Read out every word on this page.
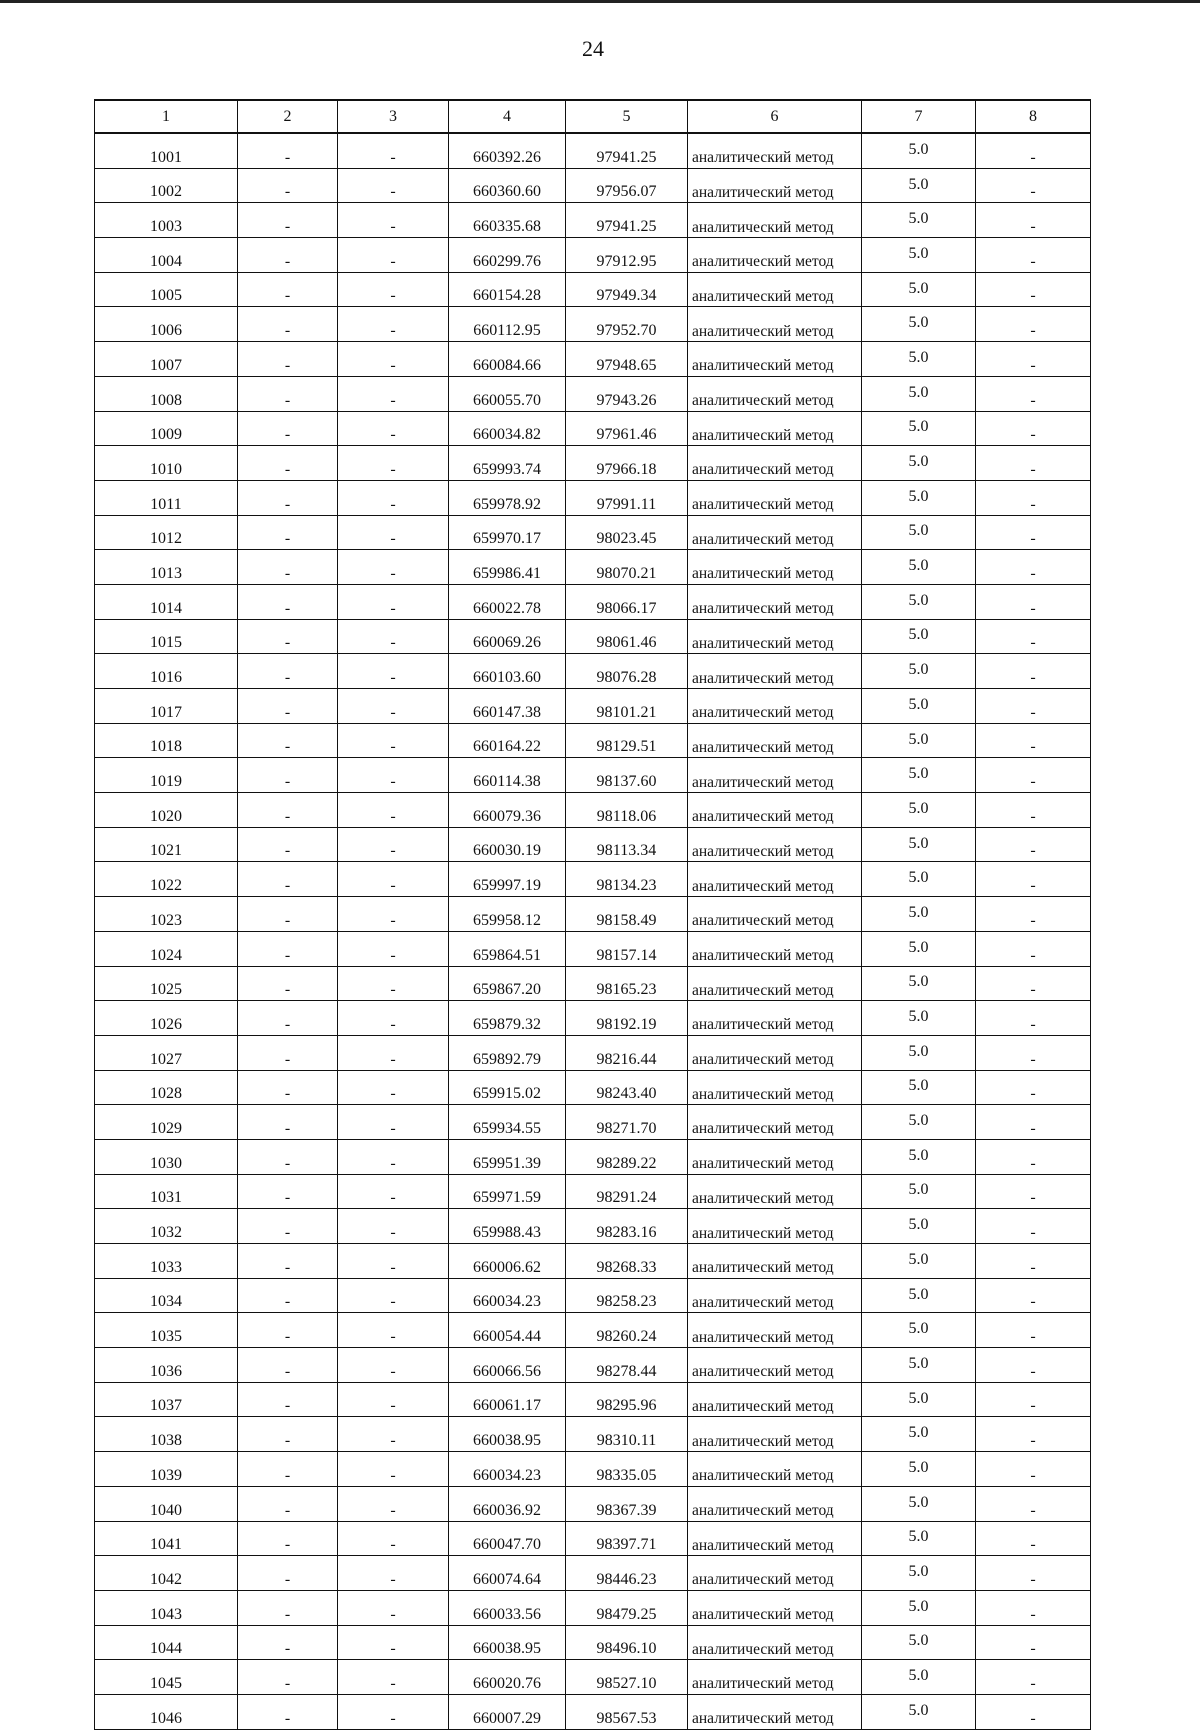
24
1	2	3	4	5	6	7	8
1001	-	-	660392.26	97941.25	аналитический метод	5.0	-
1002	-	-	660360.60	97956.07	аналитический метод	5.0	-
1003	-	-	660335.68	97941.25	аналитический метод	5.0	-
1004	-	-	660299.76	97912.95	аналитический метод	5.0	-
1005	-	-	660154.28	97949.34	аналитический метод	5.0	-
1006	-	-	660112.95	97952.70	аналитический метод	5.0	-
1007	-	-	660084.66	97948.65	аналитический метод	5.0	-
1008	-	-	660055.70	97943.26	аналитический метод	5.0	-
1009	-	-	660034.82	97961.46	аналитический метод	5.0	-
1010	-	-	659993.74	97966.18	аналитический метод	5.0	-
1011	-	-	659978.92	97991.11	аналитический метод	5.0	-
1012	-	-	659970.17	98023.45	аналитический метод	5.0	-
1013	-	-	659986.41	98070.21	аналитический метод	5.0	-
1014	-	-	660022.78	98066.17	аналитический метод	5.0	-
1015	-	-	660069.26	98061.46	аналитический метод	5.0	-
1016	-	-	660103.60	98076.28	аналитический метод	5.0	-
1017	-	-	660147.38	98101.21	аналитический метод	5.0	-
1018	-	-	660164.22	98129.51	аналитический метод	5.0	-
1019	-	-	660114.38	98137.60	аналитический метод	5.0	-
1020	-	-	660079.36	98118.06	аналитический метод	5.0	-
1021	-	-	660030.19	98113.34	аналитический метод	5.0	-
1022	-	-	659997.19	98134.23	аналитический метод	5.0	-
1023	-	-	659958.12	98158.49	аналитический метод	5.0	-
1024	-	-	659864.51	98157.14	аналитический метод	5.0	-
1025	-	-	659867.20	98165.23	аналитический метод	5.0	-
1026	-	-	659879.32	98192.19	аналитический метод	5.0	-
1027	-	-	659892.79	98216.44	аналитический метод	5.0	-
1028	-	-	659915.02	98243.40	аналитический метод	5.0	-
1029	-	-	659934.55	98271.70	аналитический метод	5.0	-
1030	-	-	659951.39	98289.22	аналитический метод	5.0	-
1031	-	-	659971.59	98291.24	аналитический метод	5.0	-
1032	-	-	659988.43	98283.16	аналитический метод	5.0	-
1033	-	-	660006.62	98268.33	аналитический метод	5.0	-
1034	-	-	660034.23	98258.23	аналитический метод	5.0	-
1035	-	-	660054.44	98260.24	аналитический метод	5.0	-
1036	-	-	660066.56	98278.44	аналитический метод	5.0	-
1037	-	-	660061.17	98295.96	аналитический метод	5.0	-
1038	-	-	660038.95	98310.11	аналитический метод	5.0	-
1039	-	-	660034.23	98335.05	аналитический метод	5.0	-
1040	-	-	660036.92	98367.39	аналитический метод	5.0	-
1041	-	-	660047.70	98397.71	аналитический метод	5.0	-
1042	-	-	660074.64	98446.23	аналитический метод	5.0	-
1043	-	-	660033.56	98479.25	аналитический метод	5.0	-
1044	-	-	660038.95	98496.10	аналитический метод	5.0	-
1045	-	-	660020.76	98527.10	аналитический метод	5.0	-
1046	-	-	660007.29	98567.53	аналитический метод	5.0	-
